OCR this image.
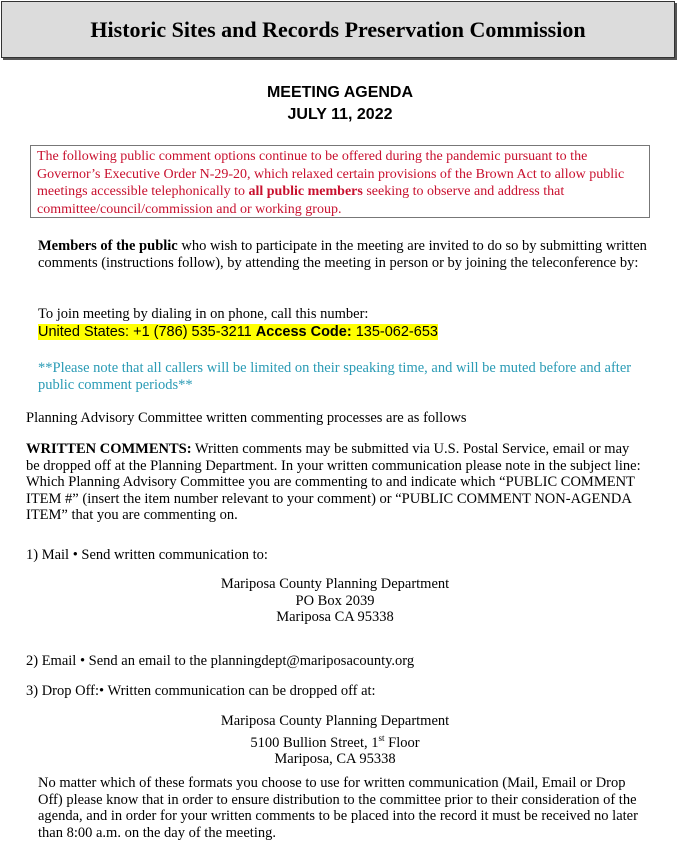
Historic Sites and Records Preservation Commission
MEETING AGENDA
JULY 11, 2022
The following public comment options continue to be offered during the pandemic pursuant to the Governor’s Executive Order N-29-20, which relaxed certain provisions of the Brown Act to allow public meetings accessible telephonically to all public members seeking to observe and address that committee/council/commission and or working group.
Members of the public who wish to participate in the meeting are invited to do so by submitting written comments (instructions follow), by attending the meeting in person or by joining the teleconference by:
To join meeting by dialing in on phone, call this number:
United States: +1 (786) 535-3211 Access Code: 135-062-653
**Please note that all callers will be limited on their speaking time, and will be muted before and after public comment periods**
Planning Advisory Committee written commenting processes are as follows
WRITTEN COMMENTS: Written comments may be submitted via U.S. Postal Service, email or may be dropped off at the Planning Department. In your written communication please note in the subject line: Which Planning Advisory Committee you are commenting to and indicate which “PUBLIC COMMENT ITEM #” (insert the item number relevant to your comment) or “PUBLIC COMMENT NON-AGENDA ITEM” that you are commenting on.
1) Mail • Send written communication to:
Mariposa County Planning Department
PO Box 2039
Mariposa CA 95338
2) Email • Send an email to the planningdept@mariposacounty.org
3) Drop Off:• Written communication can be dropped off at:
Mariposa County Planning Department
5100 Bullion Street, 1st Floor
Mariposa, CA 95338
No matter which of these formats you choose to use for written communication (Mail, Email or Drop Off) please know that in order to ensure distribution to the committee prior to their consideration of the agenda, and in order for your written comments to be placed into the record it must be received no later than 8:00 a.m. on the day of the meeting.
